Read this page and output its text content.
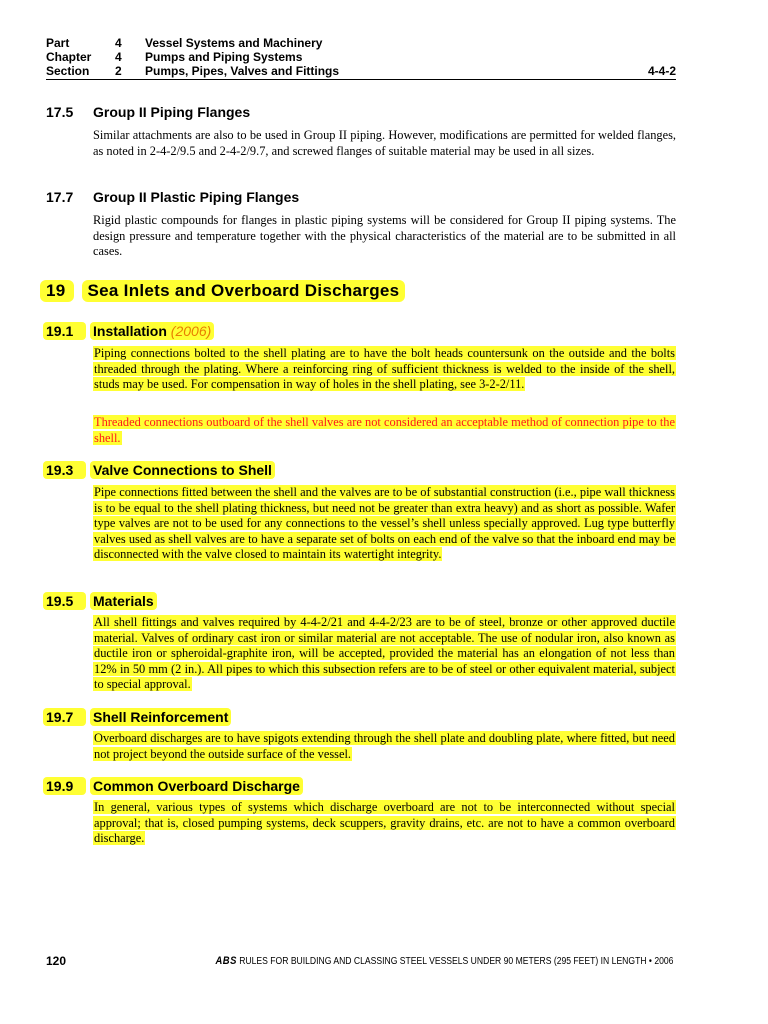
Part	4 Vessel Systems and Machinery
Chapter 4 Pumps and Piping Systems
Section 2 Pumps, Pipes, Valves and Fittings	4-4-2
17.5 Group II Piping Flanges
Similar attachments are also to be used in Group II piping. However, modifications are permitted for welded flanges, as noted in 2-4-2/9.5 and 2-4-2/9.7, and screwed flanges of suitable material may be used in all sizes.
17.7 Group II Plastic Piping Flanges
Rigid plastic compounds for flanges in plastic piping systems will be considered for Group II piping systems. The design pressure and temperature together with the physical characteristics of the material are to be submitted in all cases.
19 Sea Inlets and Overboard Discharges
19.1 Installation (2006)
Piping connections bolted to the shell plating are to have the bolt heads countersunk on the outside and the bolts threaded through the plating. Where a reinforcing ring of sufficient thickness is welded to the inside of the shell, studs may be used. For compensation in way of holes in the shell plating, see 3-2-2/11.
Threaded connections outboard of the shell valves are not considered an acceptable method of connection pipe to the shell.
19.3 Valve Connections to Shell
Pipe connections fitted between the shell and the valves are to be of substantial construction (i.e., pipe wall thickness is to be equal to the shell plating thickness, but need not be greater than extra heavy) and as short as possible. Wafer type valves are not to be used for any connections to the vessel’s shell unless specially approved. Lug type butterfly valves used as shell valves are to have a separate set of bolts on each end of the valve so that the inboard end may be disconnected with the valve closed to maintain its watertight integrity.
19.5 Materials
All shell fittings and valves required by 4-4-2/21 and 4-4-2/23 are to be of steel, bronze or other approved ductile material. Valves of ordinary cast iron or similar material are not acceptable. The use of nodular iron, also known as ductile iron or spheroidal-graphite iron, will be accepted, provided the material has an elongation of not less than 12% in 50 mm (2 in.). All pipes to which this subsection refers are to be of steel or other equivalent material, subject to special approval.
19.7 Shell Reinforcement
Overboard discharges are to have spigots extending through the shell plate and doubling plate, where fitted, but need not project beyond the outside surface of the vessel.
19.9 Common Overboard Discharge
In general, various types of systems which discharge overboard are not to be interconnected without special approval; that is, closed pumping systems, deck scuppers, gravity drains, etc. are not to have a common overboard discharge.
120	ABS RULES FOR BUILDING AND CLASSING STEEL VESSELS UNDER 90 METERS (295 FEET) IN LENGTH • 2006
